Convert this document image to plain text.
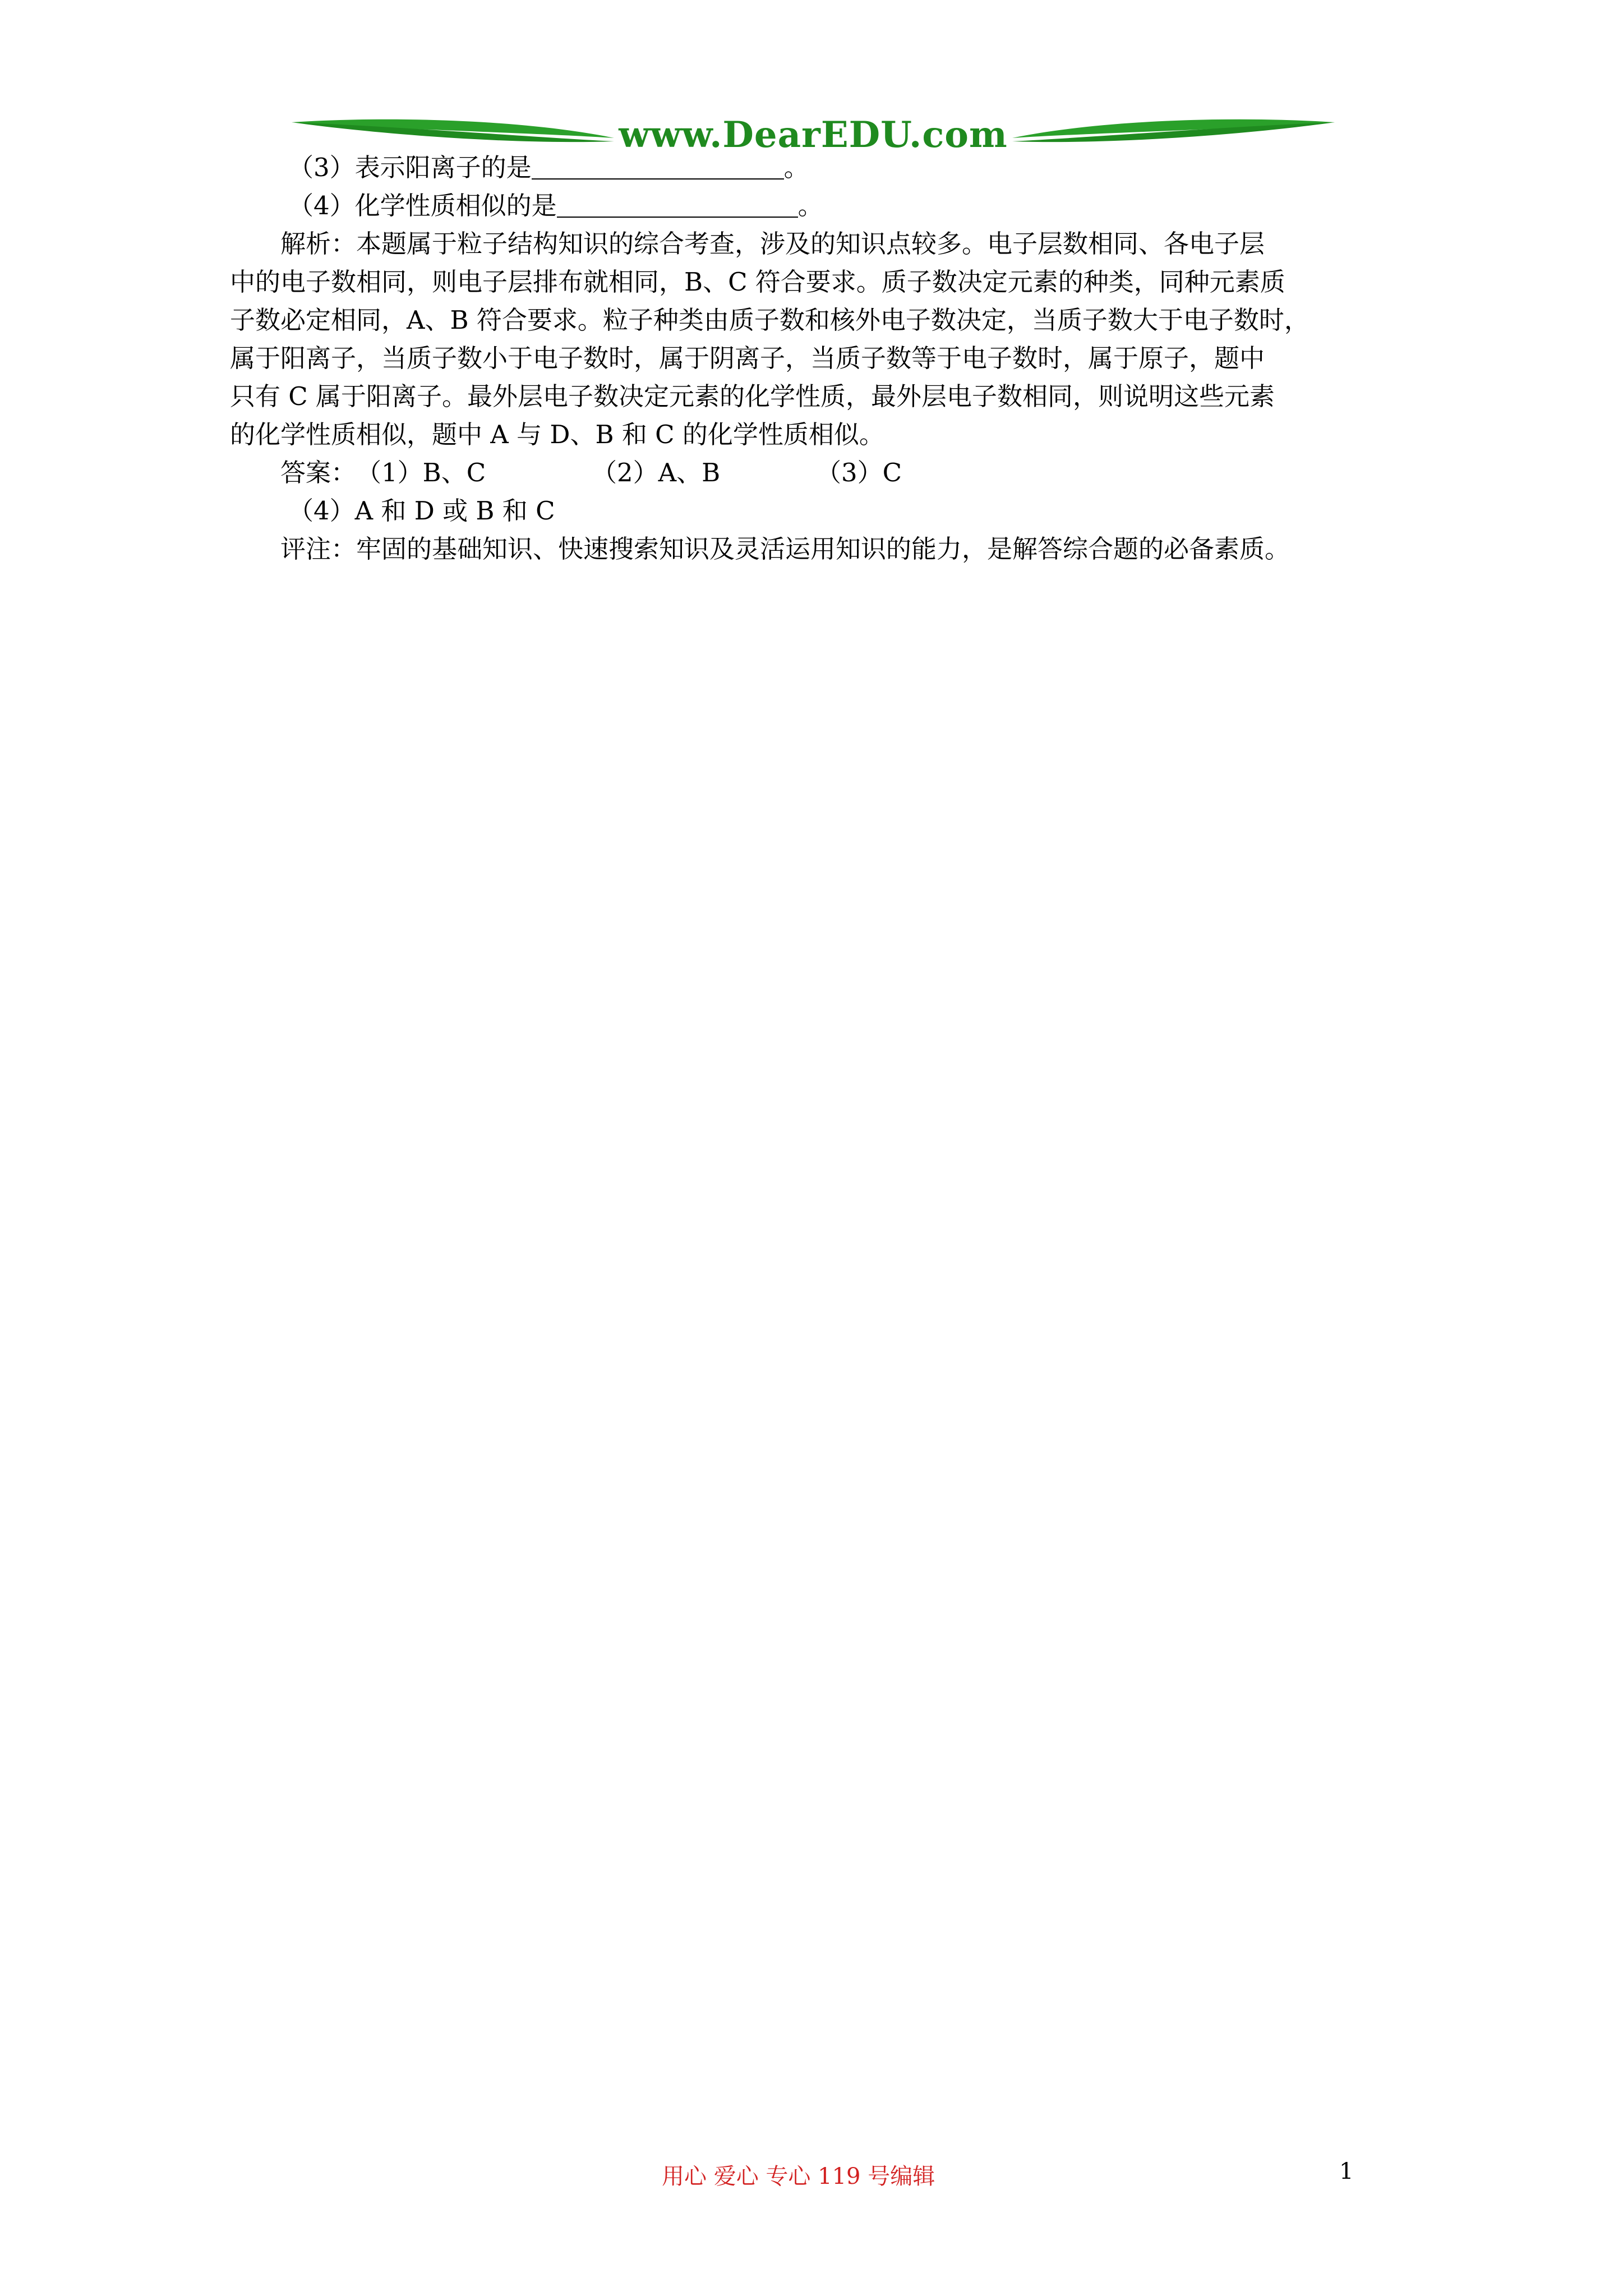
www.DearEDU.com
（3）表示阳离子的是	。
（4）化学性质相似的是	。
解析：本题属于粒子结构知识的综合考查，涉及的知识点较多。电子层数相同、各电子层
中的电子数相同，则电子层排布就相同，B、C 符合要求。质子数决定元素的种类，同种元素质
子数必定相同，A、B 符合要求。粒子种类由质子数和核外电子数决定，当质子数大于电子数时，
属于阳离子，当质子数小于电子数时，属于阴离子，当质子数等于电子数时，属于原子，题中
只有 C 属于阳离子。最外层电子数决定元素的化学性质，最外层电子数相同，则说明这些元素
的化学性质相似，题中 A 与 D、B 和 C 的化学性质相似。
答案：（1）B、C	（2）A、B	（3）C
（4）A 和 D 或 B 和 C
评注：牢固的基础知识、快速搜索知识及灵活运用知识的能力，是解答综合题的必备素质。
用心 爱心 专心 119 号编辑	1
